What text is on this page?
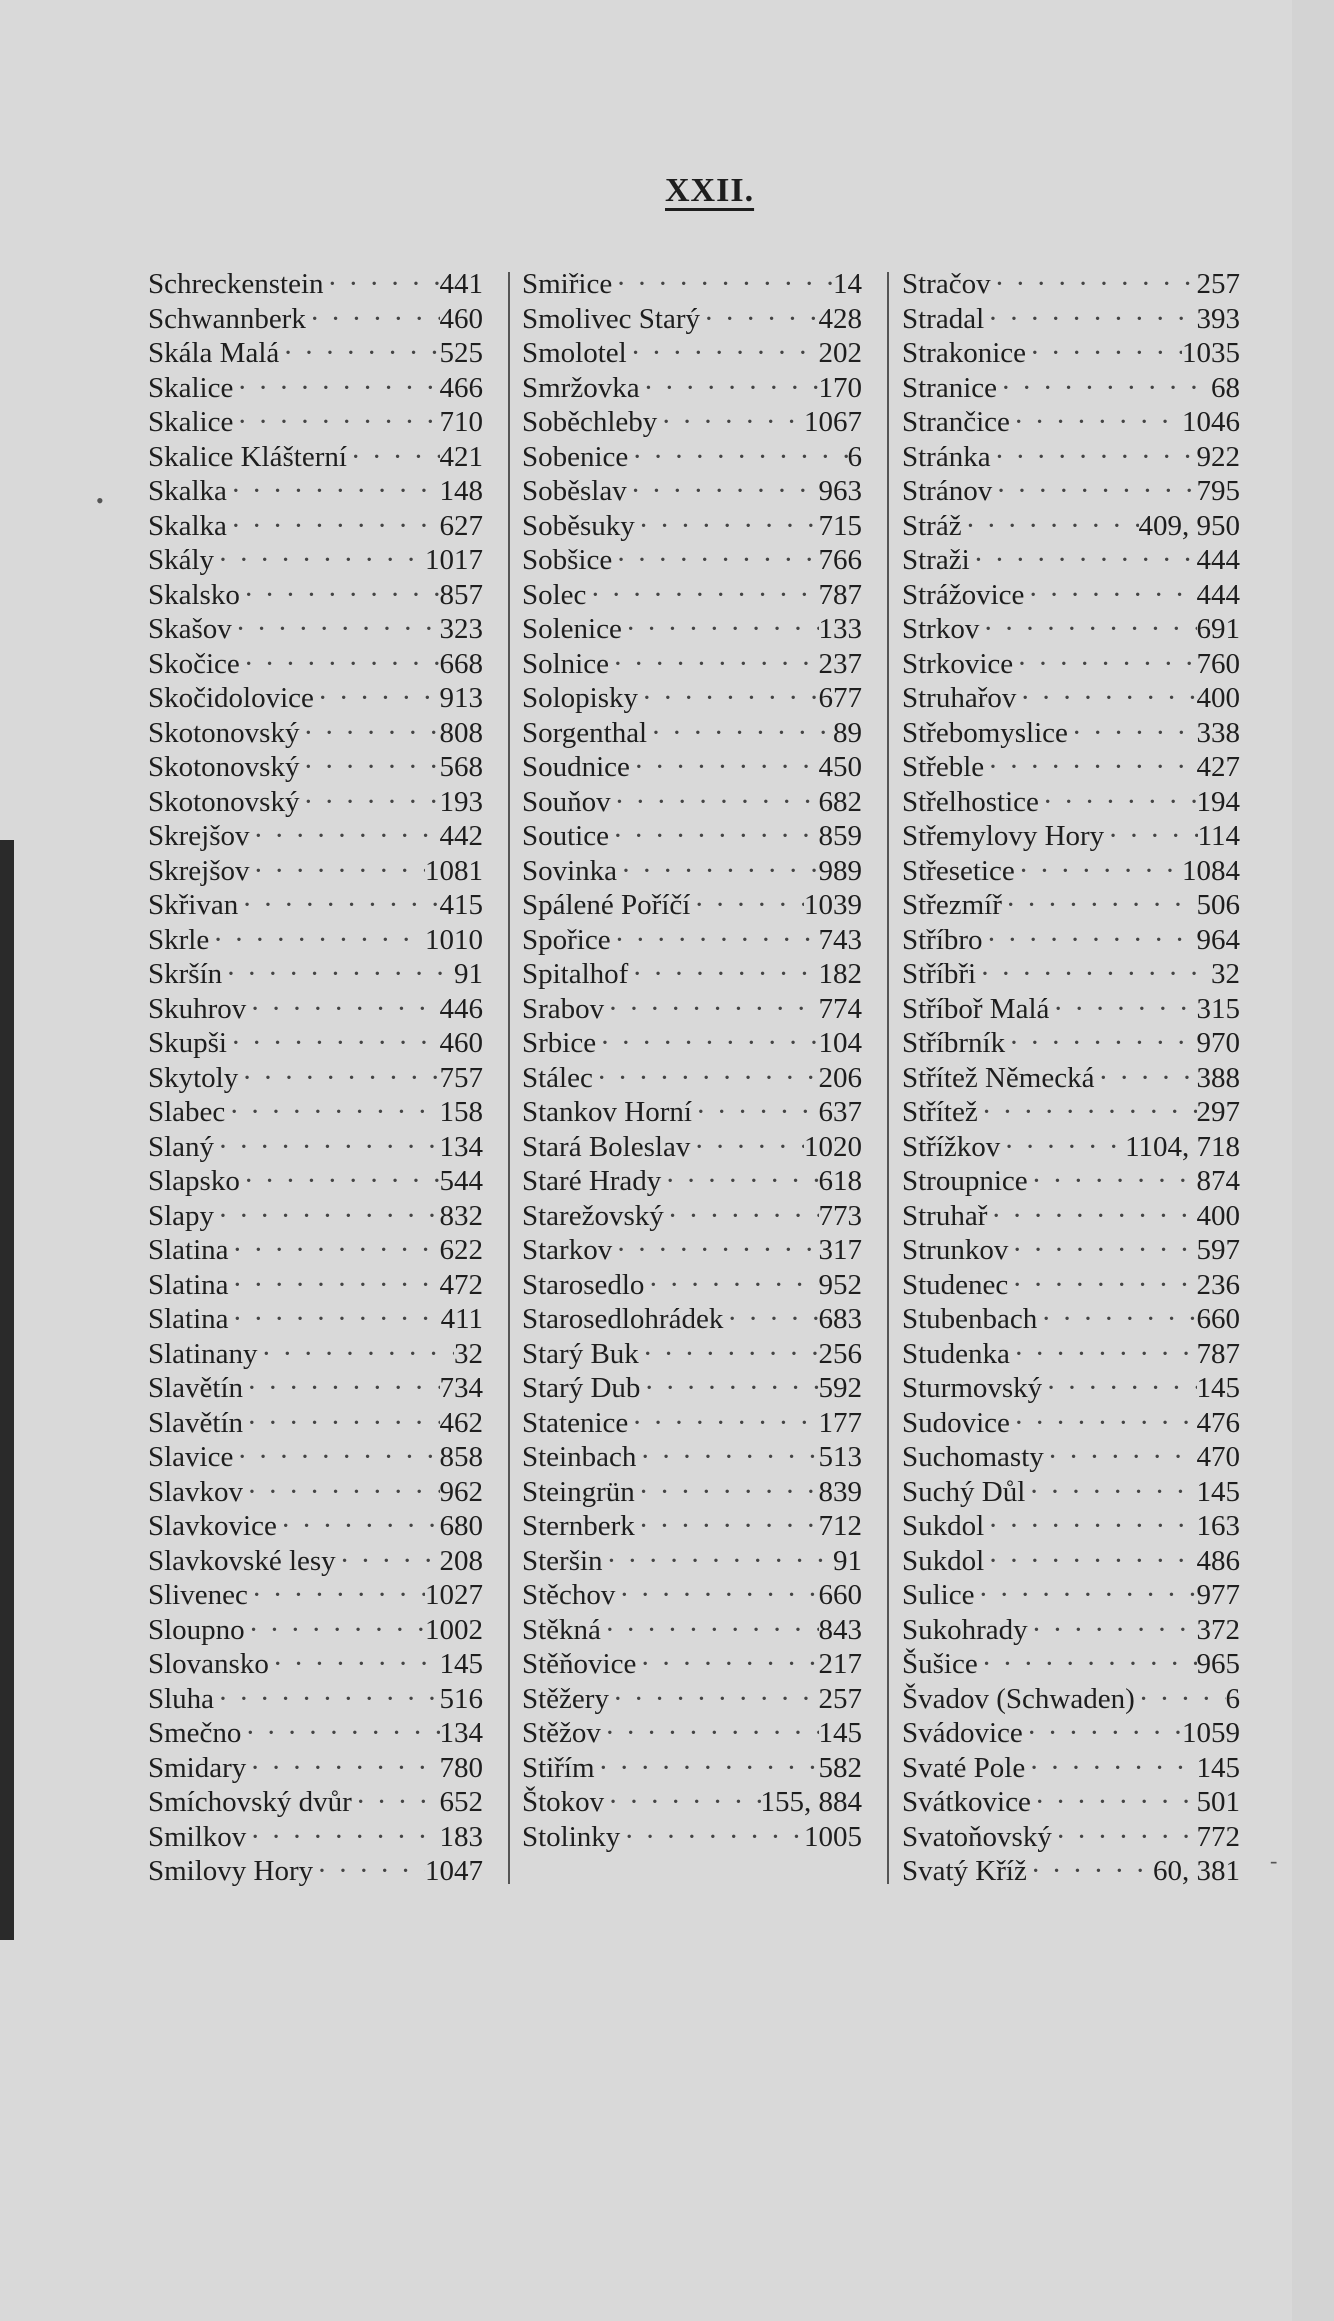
XXII.
Schreckenstein · · ·	441
Schwannberk · · ·	460
Skála Malá · · ·	525
Skalice · · ·	466
Skalice · · ·	710
Skalice Klášterní · · ·	421
Skalka · · ·	148
Skalka · · ·	627
Skály · · ·	1017
Skalsko · · ·	857
Skašov · · ·	323
Skočice · · ·	668
Skočidolovice · · ·	913
Skotonovský · · ·	808
Skotonovský · · ·	568
Skotonovský · · ·	193
Skrejšov · · ·	442
Skrejšov · · ·	1081
Skřivan · · ·	415
Skrle · · ·	1010
Skršín · · ·	91
Skuhrov · · ·	446
Skupši · · ·	460
Skytoly · · ·	757
Slabec · · ·	158
Slaný · · ·	134
Slapsko · · ·	544
Slapy · · ·	832
Slatina · · ·	622
Slatina · · ·	472
Slatina · · ·	411
Slatinany · · ·	32
Slavětín · · ·	734
Slavětín · · ·	462
Slavice · · ·	858
Slavkov · · ·	962
Slavkovice · · ·	680
Slavkovské lesy · · ·	208
Slivenec · · ·	1027
Sloupno · · ·	1002
Slovansko · · ·	145
Sluha · · ·	516
Smečno · · ·	134
Smidary · · ·	780
Smíchovský dvůr · · ·	652
Smilkov · · ·	183
Smilovy Hory · · ·	1047
Smiřice · · ·	14
Smolivec Starý · · ·	428
Smolotel · · ·	202
Smržovka · · ·	170
Soběchleby · · ·	1067
Sobenice · · ·	6
Soběslav · · ·	963
Soběsuky · · ·	715
Sobšice · · ·	766
Solec · · ·	787
Solenice · · ·	133
Solnice · · ·	237
Solopisky · · ·	677
Sorgenthal · · ·	89
Soudnice · · ·	450
Souňov · · ·	682
Soutice · · ·	859
Sovinka · · ·	989
Spálené Poříčí · · ·	1039
Spořice · · ·	743
Spitalhof · · ·	182
Srabov · · ·	774
Srbice · · ·	104
Stálec · · ·	206
Stankov Horní · · ·	637
Stará Boleslav · · ·	1020
Staré Hrady · · ·	618
Starežovský · · ·	773
Starkov · · ·	317
Starosedlo · · ·	952
Starosedlohrádek · · ·	683
Starý Buk · · ·	256
Starý Dub · · ·	592
Statenice · · ·	177
Steinbach · · ·	513
Steingrün · · ·	839
Sternberk · · ·	712
Steršin · · ·	91
Stěchov · · ·	660
Stěkná · · ·	843
Stěňovice · · ·	217
Stěžery · · ·	257
Stěžov · · ·	145
Stiřím · · ·	582
Štokov · · ·	155, 884
Stolinky · · ·	1005
Stračov · · ·	257
Stradal · · ·	393
Strakonice · · ·	1035
Stranice · · ·	68
Strančice · · ·	1046
Stránka · · ·	922
Stránov · · ·	795
Stráž · · ·	409, 950
Straži · · ·	444
Strážovice · · ·	444
Strkov · · ·	691
Strkovice · · ·	760
Struhařov · · ·	400
Střebomyslice · · ·	338
Střeble · · ·	427
Střelhostice · · ·	194
Střemylovy Hory · · ·	114
Střesetice · · ·	1084
Střezmíř · · ·	506
Stříbro · · ·	964
Stříbři · · ·	32
Stříboř Malá · · ·	315
Stříbrník · · ·	970
Střítež Německá · · ·	388
Střítež · · ·	297
Střížkov · · ·	1104, 718
Stroupnice · · ·	874
Struhař · · ·	400
Strunkov · · ·	597
Studenec · · ·	236
Stubenbach · · ·	660
Studenka · · ·	787
Sturmovský · · ·	145
Sudovice · · ·	476
Suchomasty · · ·	470
Suchý Důl · · ·	145
Sukdol · · ·	163
Sukdol · · ·	486
Sulice · · ·	977
Sukohrady · · ·	372
Šušice · · ·	965
Švadov (Schwaden) · · ·	6
Svádovice · · ·	1059
Svaté Pole · · ·	145
Svátkovice · · ·	501
Svatoňovský · · ·	772
Svatý Kříž · · ·	60, 381
•
-
